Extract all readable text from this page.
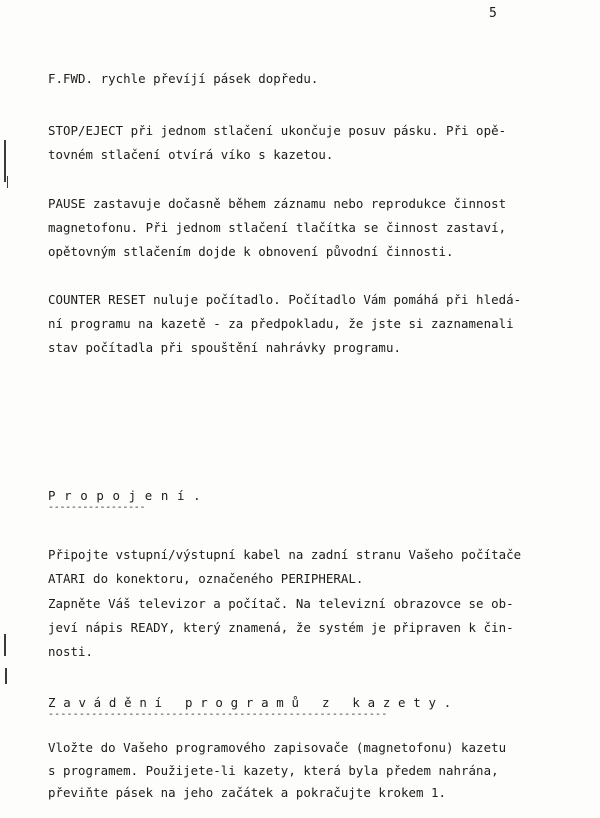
5
F.FWD. rychle převíjí pásek dopředu.
STOP/EJECT při jednom stlačení ukončuje posuv pásku. Při opě-
tovném stlačení otvírá víko s kazetou.
PAUSE zastavuje dočasně během záznamu nebo reprodukce činnost
magnetofonu. Při jednom stlačení tlačítka se činnost zastaví,
opětovným stlačením dojde k obnovení původní činnosti.
COUNTER RESET nuluje počítadlo. Počítadlo Vám pomáhá při hledá-
ní programu na kazetě - za předpokladu, že jste si zaznamenali
stav počítadla při spouštění nahrávky programu.
P r o p o j e n í .
-----------------
Připojte vstupní/výstupní kabel na zadní stranu Vašeho počítače
ATARI do konektoru, označeného PERIPHERAL.
Zapněte Váš televizor a počítač. Na televizní obrazovce se ob-
jeví nápis READY, který znamená, že systém je připraven k čin-
nosti.
Z a v á d ě n í   p r o g r a m ů   z   k a z e t y .
-------------------------------------------------------
Vložte do Vašeho programového zapisovače (magnetofonu) kazetu
s programem. Použijete-li kazety, která byla předem nahrána,
převiňte pásek na jeho začátek a pokračujte krokem 1.
